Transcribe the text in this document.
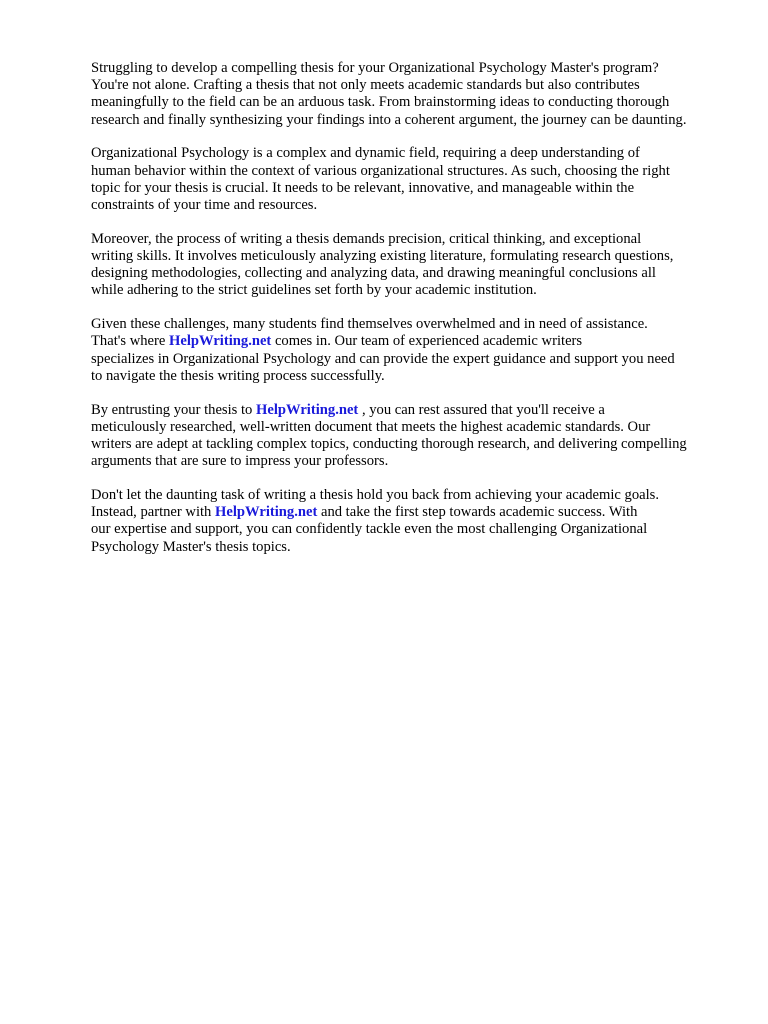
Struggling to develop a compelling thesis for your Organizational Psychology Master's program?
You're not alone. Crafting a thesis that not only meets academic standards but also contributes
meaningfully to the field can be an arduous task. From brainstorming ideas to conducting thorough
research and finally synthesizing your findings into a coherent argument, the journey can be daunting.

Organizational Psychology is a complex and dynamic field, requiring a deep understanding of
human behavior within the context of various organizational structures. As such, choosing the right
topic for your thesis is crucial. It needs to be relevant, innovative, and manageable within the
constraints of your time and resources.

Moreover, the process of writing a thesis demands precision, critical thinking, and exceptional
writing skills. It involves meticulously analyzing existing literature, formulating research questions,
designing methodologies, collecting and analyzing data, and drawing meaningful conclusions all
while adhering to the strict guidelines set forth by your academic institution.

Given these challenges, many students find themselves overwhelmed and in need of assistance.
That's where HelpWriting.net comes in. Our team of experienced academic writers
specializes in Organizational Psychology and can provide the expert guidance and support you need
to navigate the thesis writing process successfully.

By entrusting your thesis to HelpWriting.net , you can rest assured that you'll receive a
meticulously researched, well-written document that meets the highest academic standards. Our
writers are adept at tackling complex topics, conducting thorough research, and delivering compelling
arguments that are sure to impress your professors.

Don't let the daunting task of writing a thesis hold you back from achieving your academic goals.
Instead, partner with HelpWriting.net and take the first step towards academic success. With
our expertise and support, you can confidently tackle even the most challenging Organizational
Psychology Master's thesis topics.
